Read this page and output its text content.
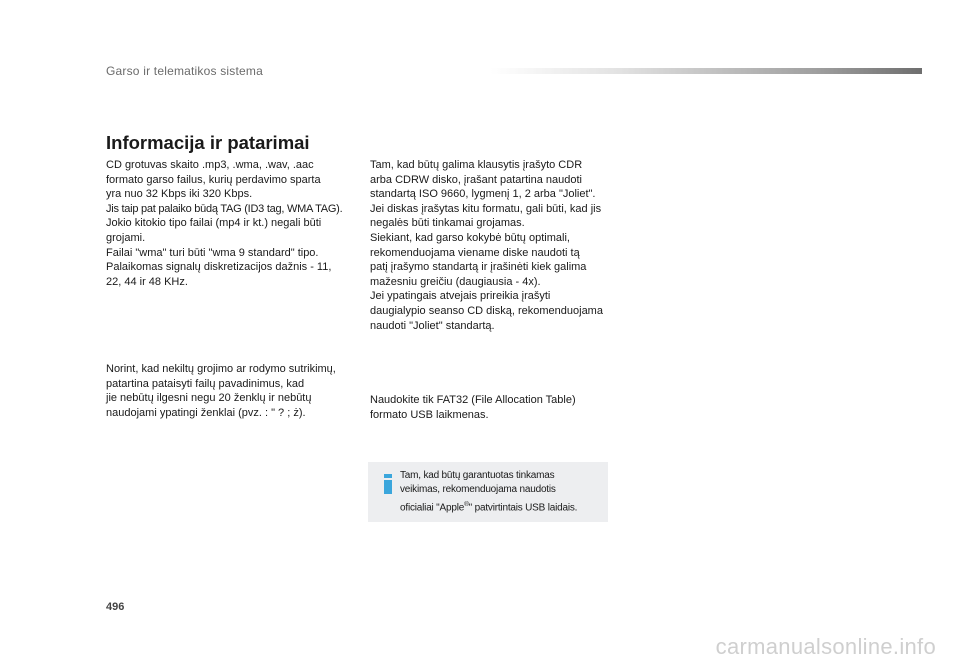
Garso ir telematikos sistema
Informacija ir patarimai

CD grotuvas skaito .mp3, .wma, .wav, .aac

formato garso failus, kurių perdavimo sparta

yra nuo 32 Kbps iki 320 Kbps.

Jis taip pat palaiko būdą TAG (ID3 tag, WMA TAG).

Jokio kitokio tipo failai (mp4 ir kt.) negali būti

grojami.

Failai "wma" turi būti "wma 9 standard" tipo.

Palaikomas signalų diskretizacijos dažnis - 11,

22, 44 ir 48 KHz.

Norint, kad nekiltų grojimo ar rodymo sutrikimų,

patartina pataisyti failų pavadinimus, kad

jie nebūtų ilgesni negu 20 ženklų ir nebūtų

naudojami ypatingi ženklai (pvz. : " ? ; ż).

Tam, kad būtų galima klausytis įrašyto CDR

arba CDRW disko, įrašant patartina naudoti

standartą ISO 9660, lygmenį 1, 2 arba "Joliet".

Jei diskas įrašytas kitu formatu, gali būti, kad jis

negalės būti tinkamai grojamas.

Siekiant, kad garso kokybė būtų optimali,

rekomenduojama viename diske naudoti tą

patį įrašymo standartą ir įrašinėti kiek galima

mažesniu greičiu (daugiausia - 4x).

Jei ypatingais atvejais prireikia įrašyti

daugialypio seanso CD diską, rekomenduojama

naudoti "Joliet" standartą.

Naudokite tik FAT32 (File Allocation Table)

formato USB laikmenas.

Tam, kad būtų garantuotas tinkamas
veikimas, rekomenduojama naudotis
oficialiai "Apple®" patvirtintais USB laidais.

496
carmanualsonline.info
